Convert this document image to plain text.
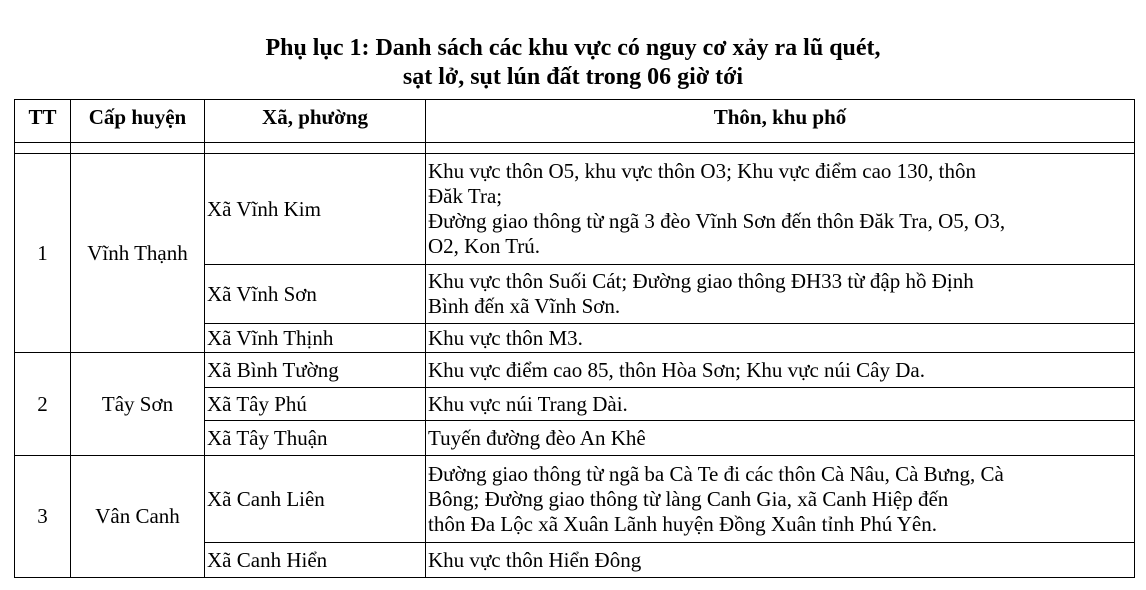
Phụ lục 1: Danh sách các khu vực có nguy cơ xảy ra lũ quét,
sạt lở, sụt lún đất trong 06 giờ tới
TT	Cấp huyện	Xã, phường	Thôn, khu phố

1	Vĩnh Thạnh	Xã Vĩnh Kim	Khu vực thôn O5, khu vực thôn O3; Khu vực điểm cao 130, thôn
Đăk Tra;
Đường giao thông từ ngã 3 đèo Vĩnh Sơn đến thôn Đăk Tra, O5, O3,
O2, Kon Trú.

		Xã Vĩnh Sơn	Khu vực thôn Suối Cát; Đường giao thông ĐH33 từ đập hồ Định
Bình đến xã Vĩnh Sơn.

		Xã Vĩnh Thịnh	Khu vực thôn M3.

2	Tây Sơn	Xã Bình Tường	Khu vực điểm cao 85, thôn Hòa Sơn; Khu vực núi Cây Da.

		Xã Tây Phú	Khu vực núi Trang Dài.

		Xã Tây Thuận	Tuyến đường đèo An Khê

3	Vân Canh	Xã Canh Liên	Đường giao thông từ ngã ba Cà Te đi các thôn Cà Nâu, Cà Bưng, Cà
Bông; Đường giao thông từ làng Canh Gia, xã Canh Hiệp đến
thôn Đa Lộc xã Xuân Lãnh huyện Đồng Xuân tỉnh Phú Yên.

		Xã Canh Hiển	Khu vực thôn Hiển Đông
